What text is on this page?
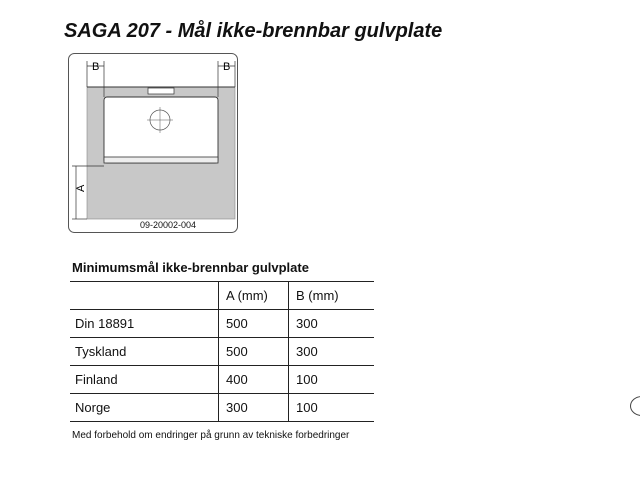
SAGA 207 - Mål ikke-brennbar gulvplate
B	B
A
09-20002-004
Minimumsmål ikke-brennbar gulvplate
	A (mm)	B (mm)
Din 18891	500	300
Tyskland	500	300
Finland	400	100
Norge	300	100
Med forbehold om endringer på grunn av tekniske forbedringer
